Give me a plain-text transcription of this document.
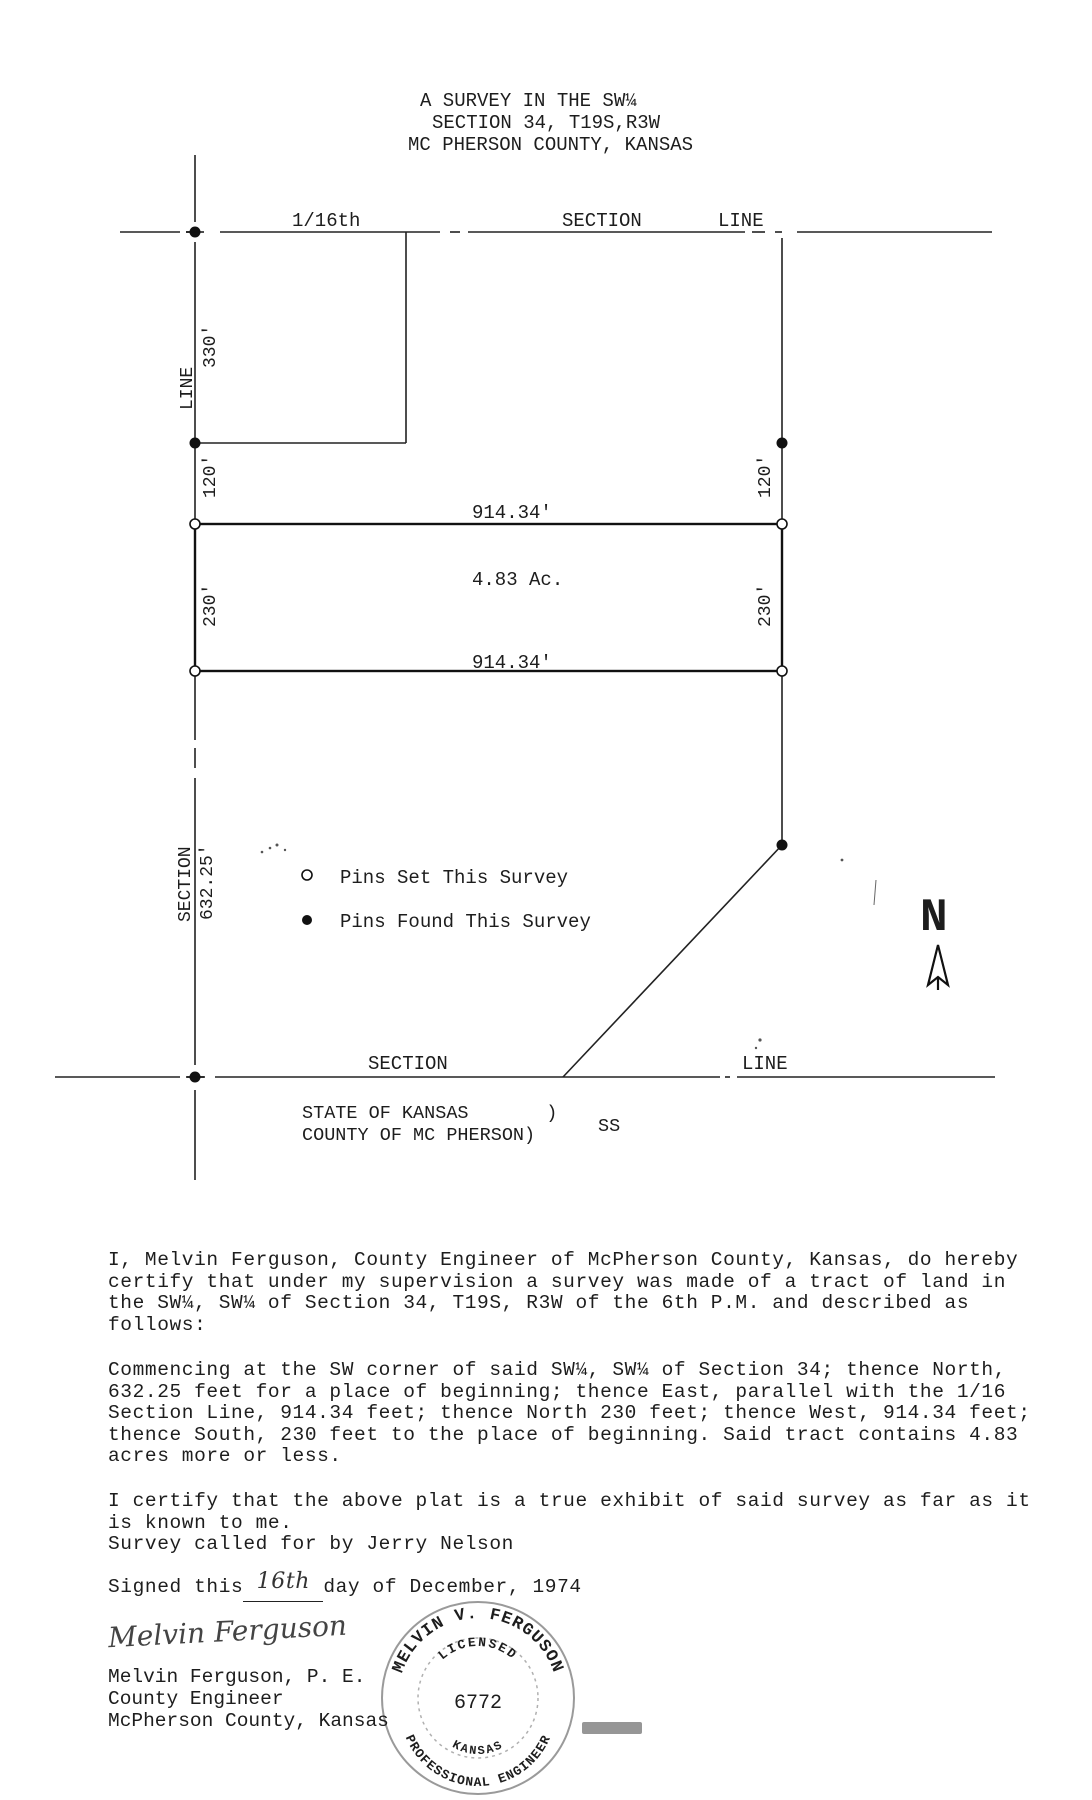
A SURVEY IN THE SW¼
SECTION 34, T19S,R3W
MC PHERSON COUNTY, KANSAS
1/16th	SECTION	LINE
LINE
330'
120'	120'
230'	230'
914.34'
4.83 Ac.
914.34'
SECTION 632.25'	Pins Set This Survey
Pins Found This Survey
SECTION	LINE
N
STATE OF KANSAS	)
COUNTY OF MC PHERSON)	SS
I, Melvin Ferguson, County Engineer of McPherson County, Kansas, do hereby certify that under my supervision a survey was made of a tract of land in the SW¼, SW¼ of Section 34, T19S, R3W of the 6th P.M. and described as follows:
Commencing at the SW corner of said SW¼, SW¼ of Section 34; thence North, 632.25 feet for a place of beginning; thence East, parallel with the 1/16 Section Line, 914.34 feet; thence North 230 feet; thence West, 914.34 feet; thence South, 230 feet to the place of beginning. Said tract contains 4.83 acres more or less.
I certify that the above plat is a true exhibit of said survey as far as it is known to me.
Survey called for by Jerry Nelson
Signed this 16th day of December, 1974
Melvin Ferguson
MELVIN V. FERGUSON
PROFESSIONAL ENGINEER
LICENSED
KANSAS
6772
Melvin Ferguson, P. E.
County Engineer
McPherson County, Kansas
